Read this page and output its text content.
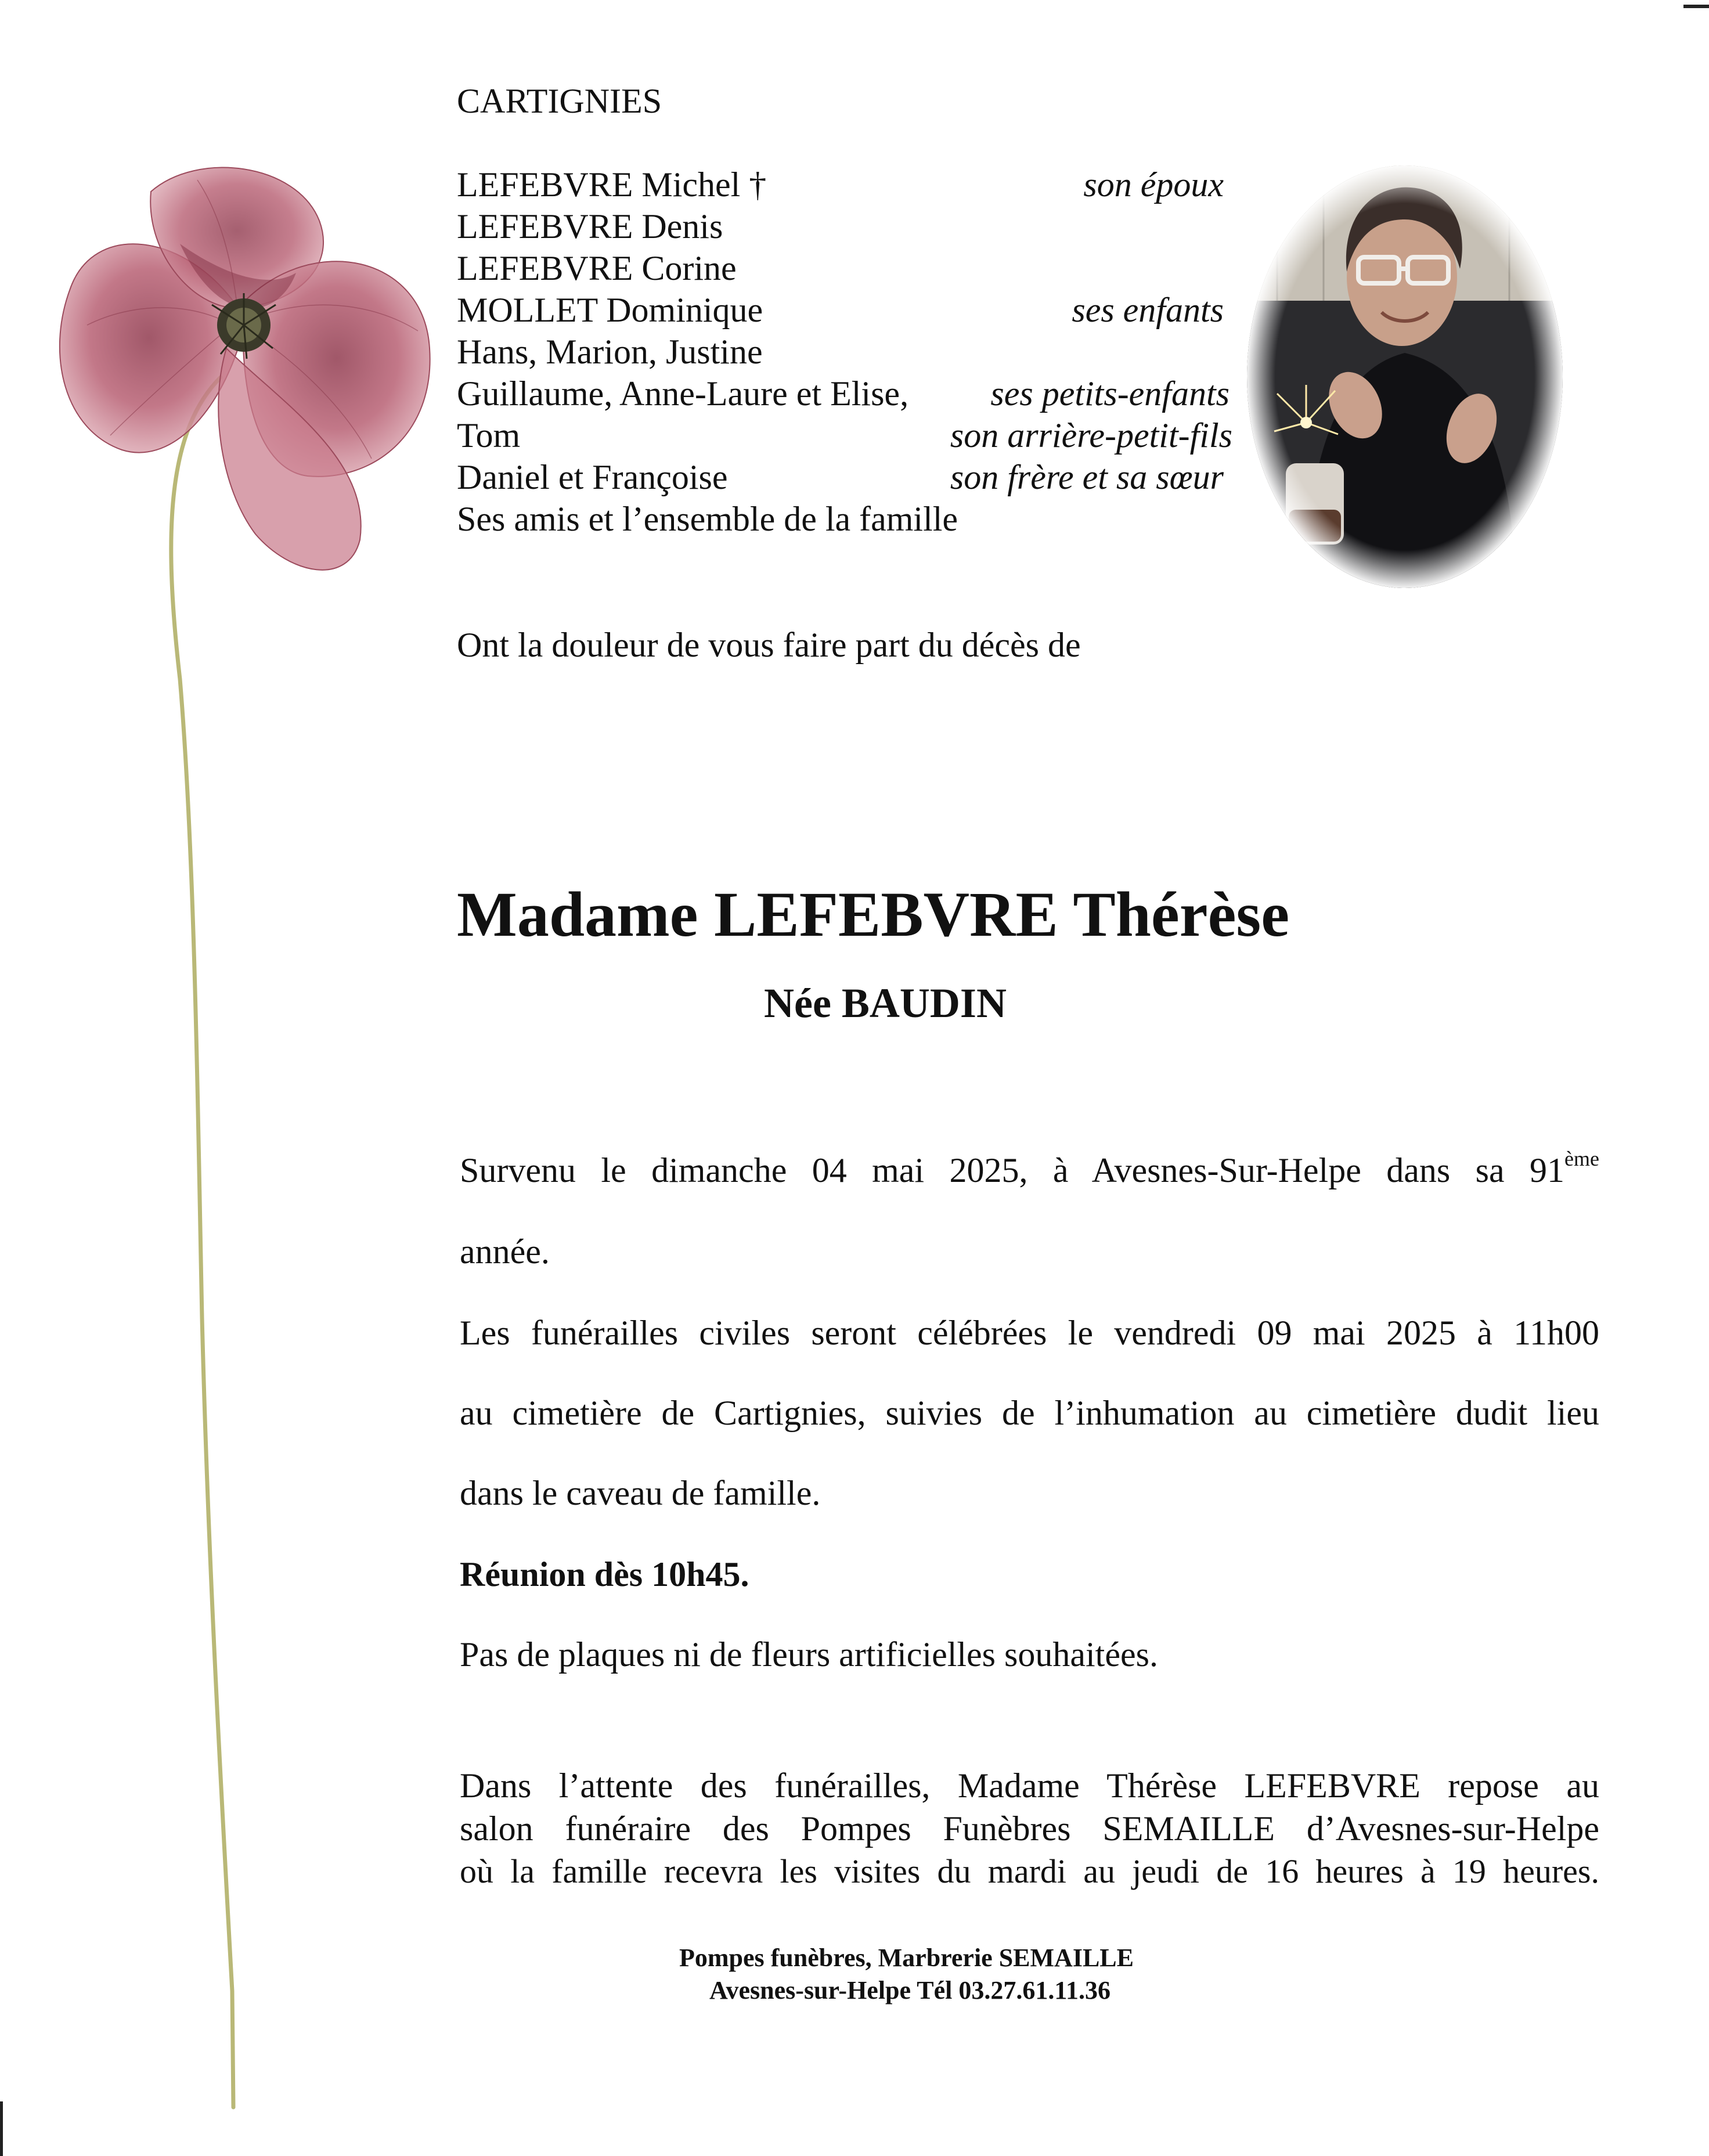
CARTIGNIES
LEFEBVRE Michel †	son époux
LEFEBVRE Denis
LEFEBVRE Corine
MOLLET Dominique	ses enfants
Hans, Marion, Justine
Guillaume, Anne-Laure et Elise,	ses petits-enfants
Tom	son arrière-petit-fils
Daniel et Françoise	son frère et sa sœur
Ses amis et l’ensemble de la famille
Ont la douleur de vous faire part du décès de
Madame LEFEBVRE Thérèse
Née BAUDIN
Survenu le dimanche 04 mai 2025, à Avesnes-Sur-Helpe dans sa 91ème
année.
Les funérailles civiles seront célébrées le vendredi 09 mai 2025 à 11h00
au cimetière de Cartignies, suivies de l’inhumation au cimetière dudit lieu
dans le caveau de famille.
Réunion dès 10h45.
Pas de plaques ni de fleurs artificielles souhaitées.
Dans l’attente des funérailles, Madame Thérèse LEFEBVRE repose au
salon funéraire des Pompes Funèbres SEMAILLE d’Avesnes-sur-Helpe
où la famille recevra les visites du mardi au jeudi de 16 heures à 19 heures.
Pompes funèbres, Marbrerie SEMAILLE
Avesnes-sur-Helpe Tél 03.27.61.11.36
